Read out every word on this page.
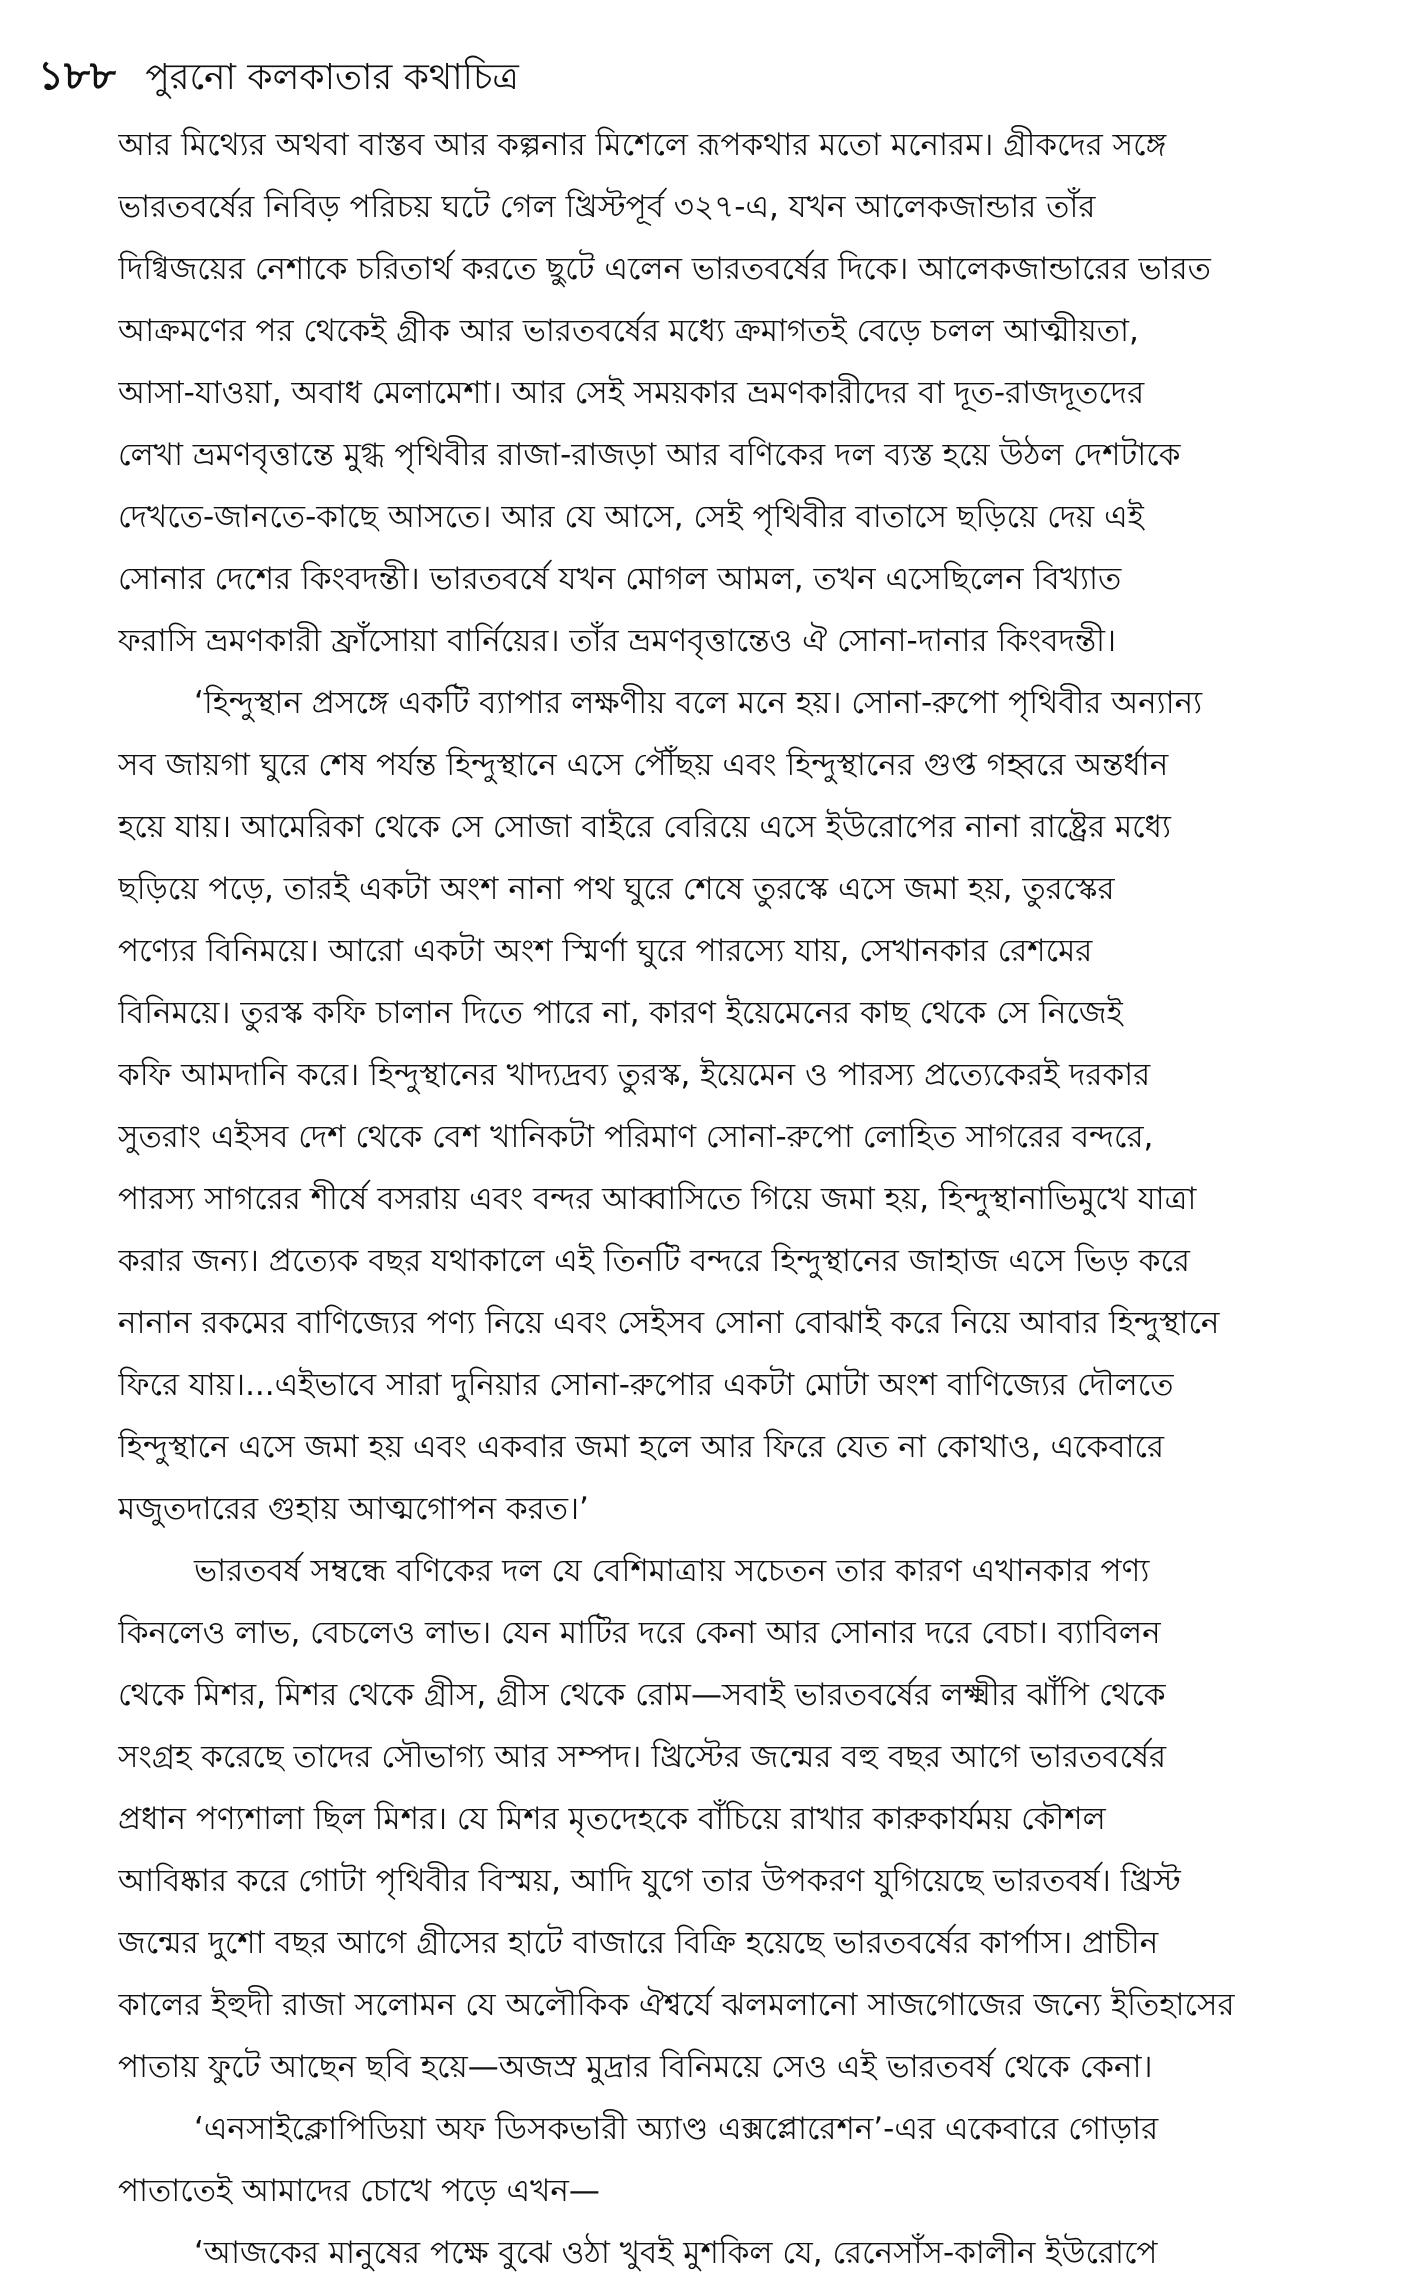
১৮৮ পুরনো কলকাতার কথাচিত্র
আর মিথ্যের অথবা বাস্তব আর কল্পনার মিশেলে রূপকথার মতো মনোরম। গ্রীকদের সঙ্গে
ভারতবর্ষের নিবিড় পরিচয় ঘটে গেল খ্রিস্টপূর্ব ৩২৭-এ, যখন আলেকজান্ডার তাঁর
দিগ্বিজয়ের নেশাকে চরিতার্থ করতে ছুটে এলেন ভারতবর্ষের দিকে। আলেকজান্ডারের ভারত
আক্রমণের পর থেকেই গ্রীক আর ভারতবর্ষের মধ্যে ক্রমাগতই বেড়ে চলল আত্মীয়তা,
আসা-যাওয়া, অবাধ মেলামেশা। আর সেই সময়কার ভ্রমণকারীদের বা দূত-রাজদূতদের
লেখা ভ্রমণবৃত্তান্তে মুগ্ধ পৃথিবীর রাজা-রাজড়া আর বণিকের দল ব্যস্ত হয়ে উঠল দেশটাকে
দেখতে-জানতে-কাছে আসতে। আর যে আসে, সেই পৃথিবীর বাতাসে ছড়িয়ে দেয় এই
সোনার দেশের কিংবদন্তী। ভারতবর্ষে যখন মোগল আমল, তখন এসেছিলেন বিখ্যাত
ফরাসি ভ্রমণকারী ফ্রাঁসোয়া বার্নিয়ের। তাঁর ভ্রমণবৃত্তান্তেও ঐ সোনা-দানার কিংবদন্তী।
‘হিন্দুস্থান প্রসঙ্গে একটি ব্যাপার লক্ষণীয় বলে মনে হয়। সোনা-রুপো পৃথিবীর অন্যান্য
সব জায়গা ঘুরে শেষ পর্যন্ত হিন্দুস্থানে এসে পৌঁছয় এবং হিন্দুস্থানের গুপ্ত গহ্বরে অন্তর্ধান
হয়ে যায়। আমেরিকা থেকে সে সোজা বাইরে বেরিয়ে এসে ইউরোপের নানা রাষ্ট্রের মধ্যে
ছড়িয়ে পড়ে, তারই একটা অংশ নানা পথ ঘুরে শেষে তুরস্কে এসে জমা হয়, তুরস্কের
পণ্যের বিনিময়ে। আরো একটা অংশ স্মির্ণা ঘুরে পারস্যে যায়, সেখানকার রেশমের
বিনিময়ে। তুরস্ক কফি চালান দিতে পারে না, কারণ ইয়েমেনের কাছ থেকে সে নিজেই
কফি আমদানি করে। হিন্দুস্থানের খাদ্যদ্রব্য তুরস্ক, ইয়েমেন ও পারস্য প্রত্যেকেরই দরকার
সুতরাং এইসব দেশ থেকে বেশ খানিকটা পরিমাণ সোনা-রুপো লোহিত সাগরের বন্দরে,
পারস্য সাগরের শীর্ষে বসরায় এবং বন্দর আব্বাসিতে গিয়ে জমা হয়, হিন্দুস্থানাভিমুখে যাত্রা
করার জন্য। প্রত্যেক বছর যথাকালে এই তিনটি বন্দরে হিন্দুস্থানের জাহাজ এসে ভিড় করে
নানান রকমের বাণিজ্যের পণ্য নিয়ে এবং সেইসব সোনা বোঝাই করে নিয়ে আবার হিন্দুস্থানে
ফিরে যায়।...এইভাবে সারা দুনিয়ার সোনা-রুপোর একটা মোটা অংশ বাণিজ্যের দৌলতে
হিন্দুস্থানে এসে জমা হয় এবং একবার জমা হলে আর ফিরে যেত না কোথাও, একেবারে
মজুতদারের গুহায় আত্মগোপন করত।’
ভারতবর্ষ সম্বন্ধে বণিকের দল যে বেশিমাত্রায় সচেতন তার কারণ এখানকার পণ্য
কিনলেও লাভ, বেচলেও লাভ। যেন মাটির দরে কেনা আর সোনার দরে বেচা। ব্যাবিলন
থেকে মিশর, মিশর থেকে গ্রীস, গ্রীস থেকে রোম—সবাই ভারতবর্ষের লক্ষ্মীর ঝাঁপি থেকে
সংগ্রহ করেছে তাদের সৌভাগ্য আর সম্পদ। খ্রিস্টের জন্মের বহু বছর আগে ভারতবর্ষের
প্রধান পণ্যশালা ছিল মিশর। যে মিশর মৃতদেহকে বাঁচিয়ে রাখার কারুকার্যময় কৌশল
আবিষ্কার করে গোটা পৃথিবীর বিস্ময়, আদি যুগে তার উপকরণ যুগিয়েছে ভারতবর্ষ। খ্রিস্ট
জন্মের দুশো বছর আগে গ্রীসের হাটে বাজারে বিক্রি হয়েছে ভারতবর্ষের কার্পাস। প্রাচীন
কালের ইহুদী রাজা সলোমন যে অলৌকিক ঐশ্বর্যে ঝলমলানো সাজগোজের জন্যে ইতিহাসের
পাতায় ফুটে আছেন ছবি হয়ে—অজস্র মুদ্রার বিনিময়ে সেও এই ভারতবর্ষ থেকে কেনা।
‘এনসাইক্লোপিডিয়া অফ ডিসকভারী অ্যাণ্ড এক্সপ্লোরেশন’-এর একেবারে গোড়ার
পাতাতেই আমাদের চোখে পড়ে এখন—
‘আজকের মানুষের পক্ষে বুঝে ওঠা খুবই মুশকিল যে, রেনেসাঁস-কালীন ইউরোপে
